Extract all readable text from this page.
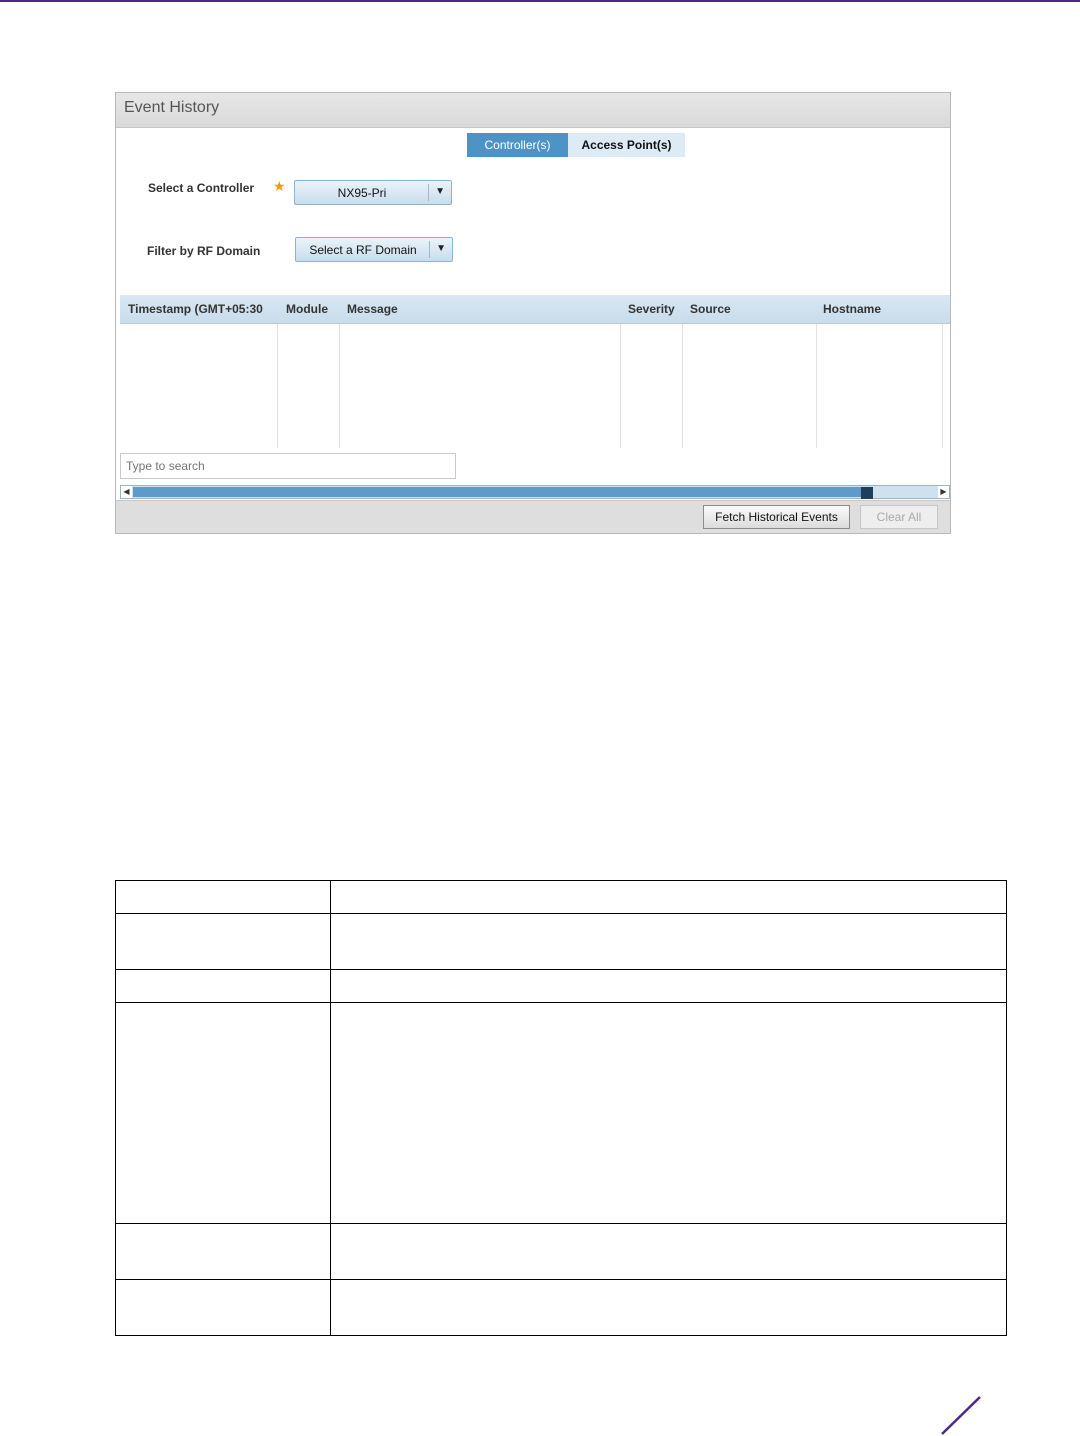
Event History
Controller(s)	Access Point(s)
Select a Controller ★	NX95-Pri	▼
Filter by RF Domain	Select a RF Domain	▼
Timestamp (GMT+05:30	Module	Message	Severity	Source	Hostname
Type to search
◀	▶
Fetch Historical Events	Clear All
